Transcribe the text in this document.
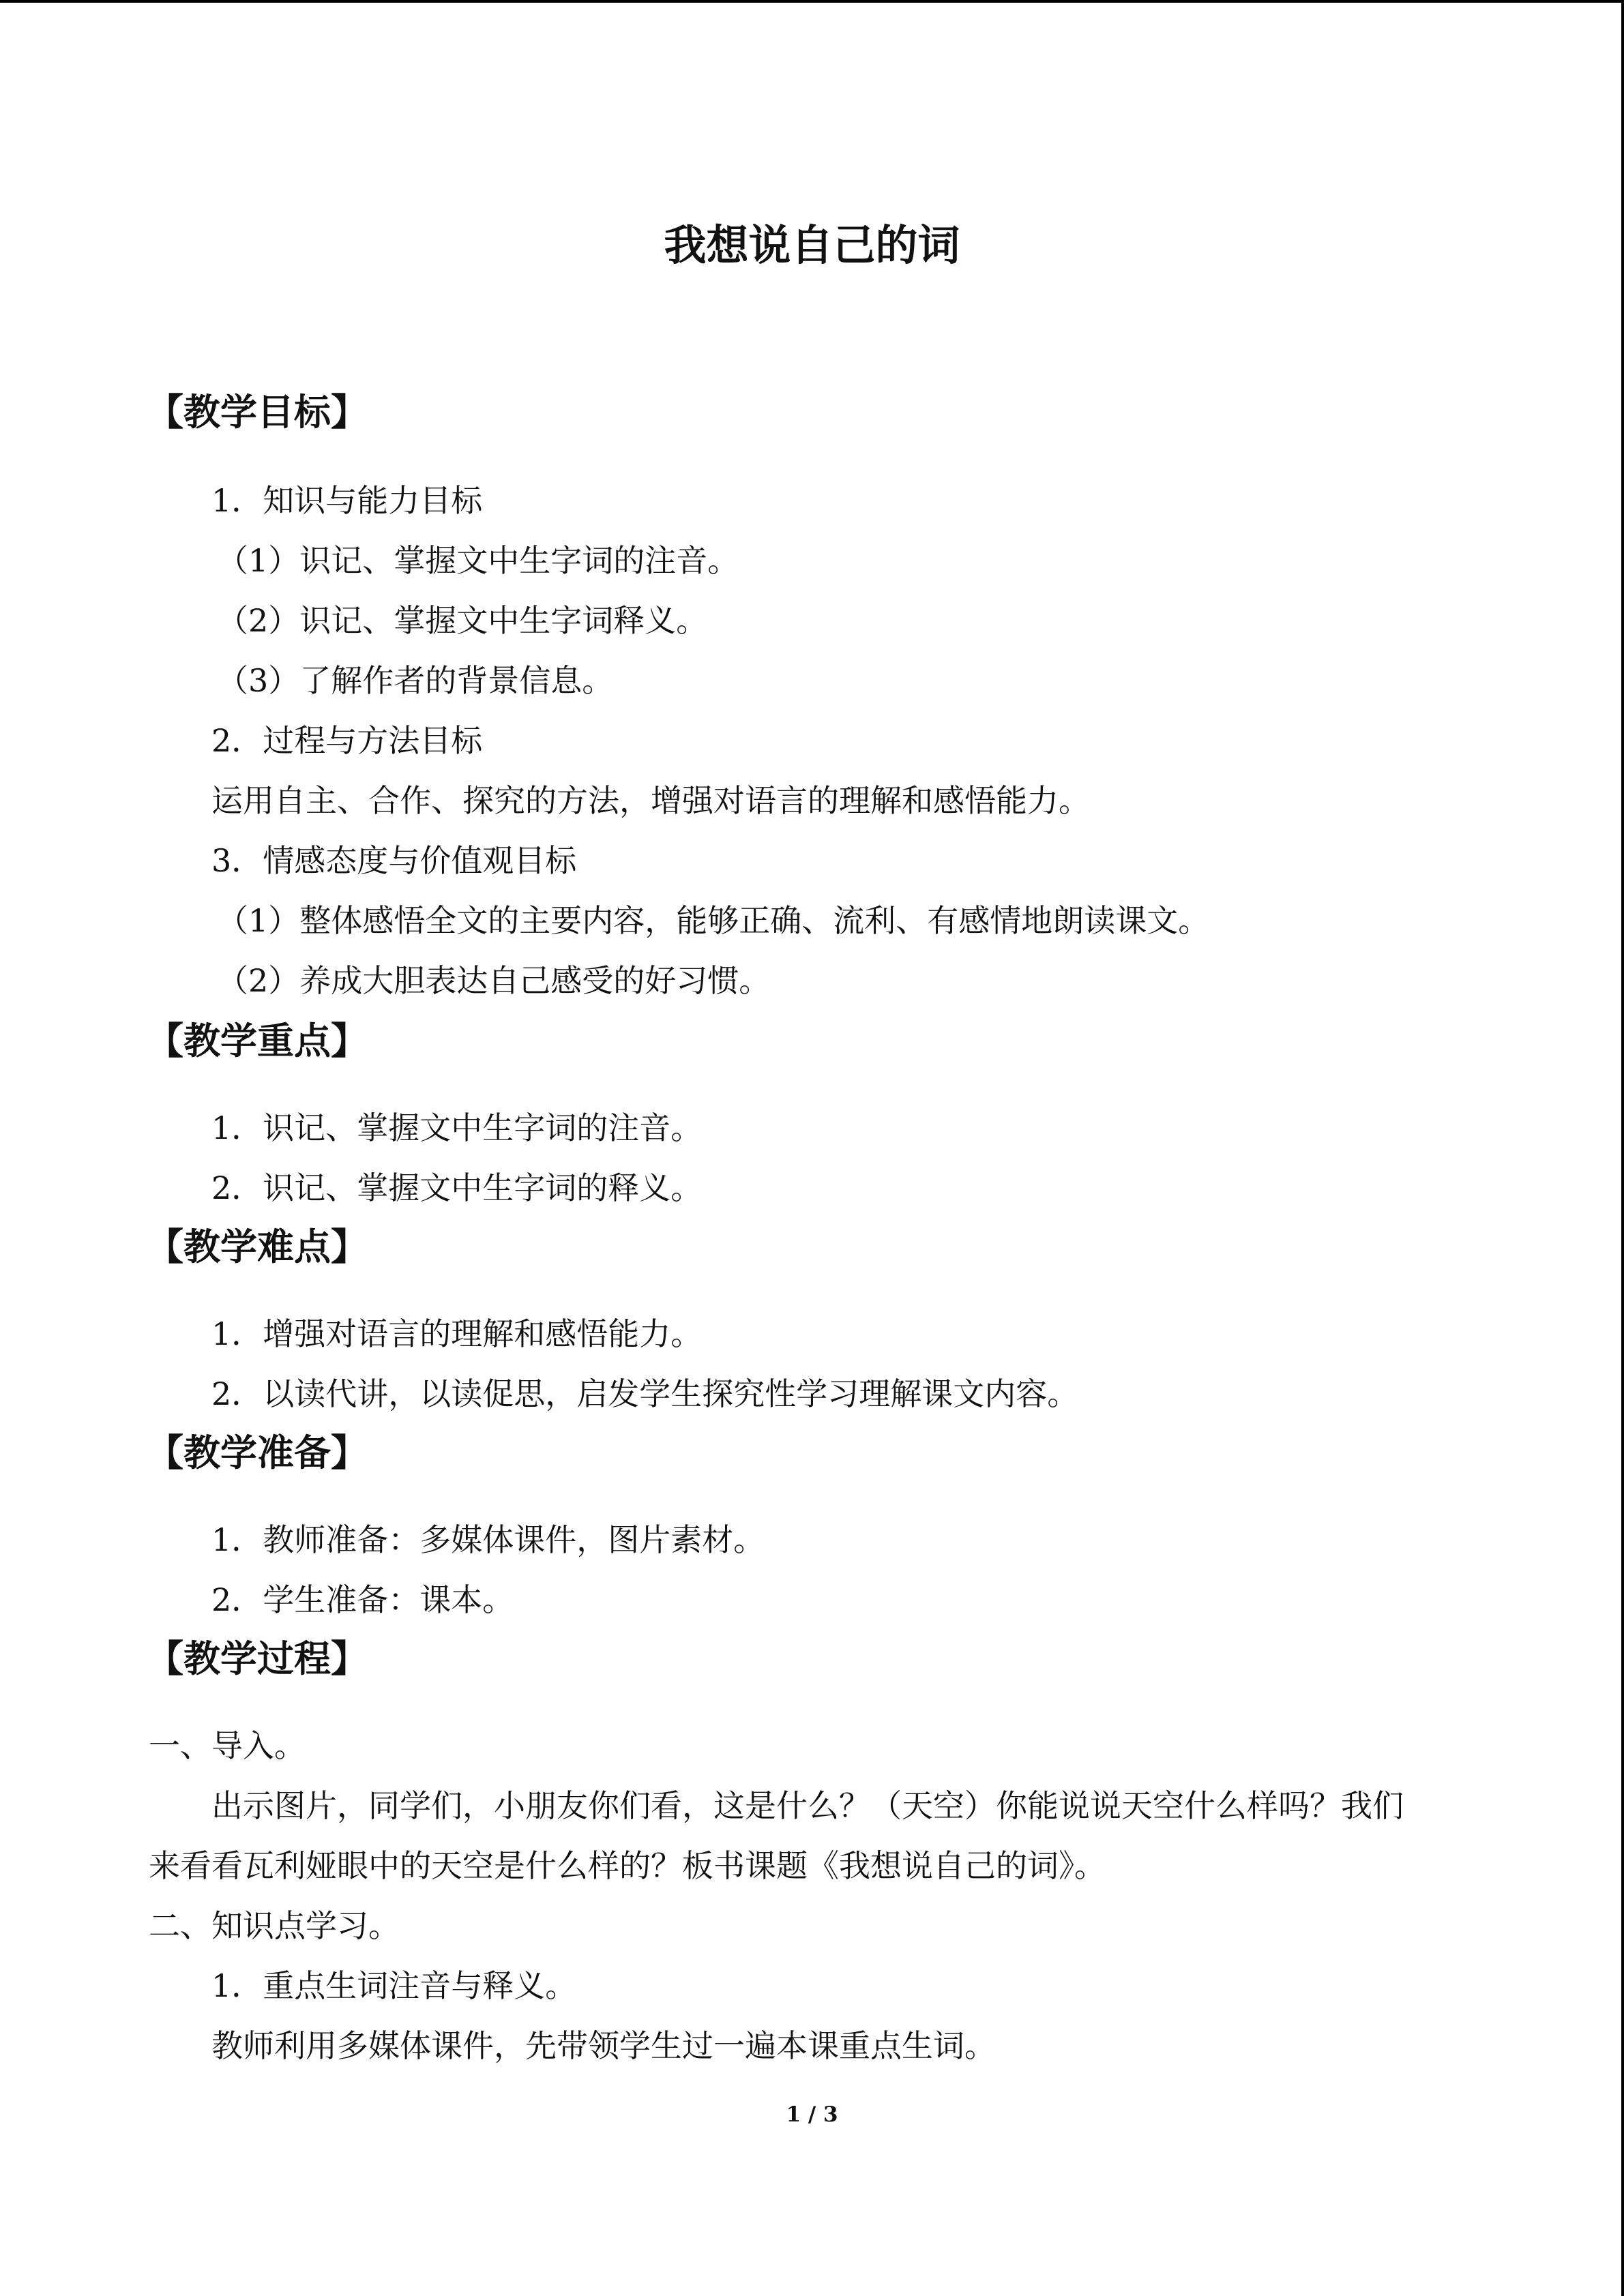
我想说自己的词
【教学目标】
1．知识与能力目标
（1）识记、掌握文中生字词的注音。
（2）识记、掌握文中生字词释义。
（3）了解作者的背景信息。
2．过程与方法目标
运用自主、合作、探究的方法，增强对语言的理解和感悟能力。
3．情感态度与价值观目标
（1）整体感悟全文的主要内容，能够正确、流利、有感情地朗读课文。
（2）养成大胆表达自己感受的好习惯。
【教学重点】
1．识记、掌握文中生字词的注音。
2．识记、掌握文中生字词的释义。
【教学难点】
1．增强对语言的理解和感悟能力。
2．以读代讲，以读促思，启发学生探究性学习理解课文内容。
【教学准备】
1．教师准备：多媒体课件，图片素材。
2．学生准备：课本。
【教学过程】
一、导入。
出示图片，同学们，小朋友你们看，这是什么？（天空）你能说说天空什么样吗？我们
来看看瓦利娅眼中的天空是什么样的？板书课题《我想说自己的词》。
二、知识点学习。
1．重点生词注音与释义。
教师利用多媒体课件，先带领学生过一遍本课重点生词。
1 / 3
